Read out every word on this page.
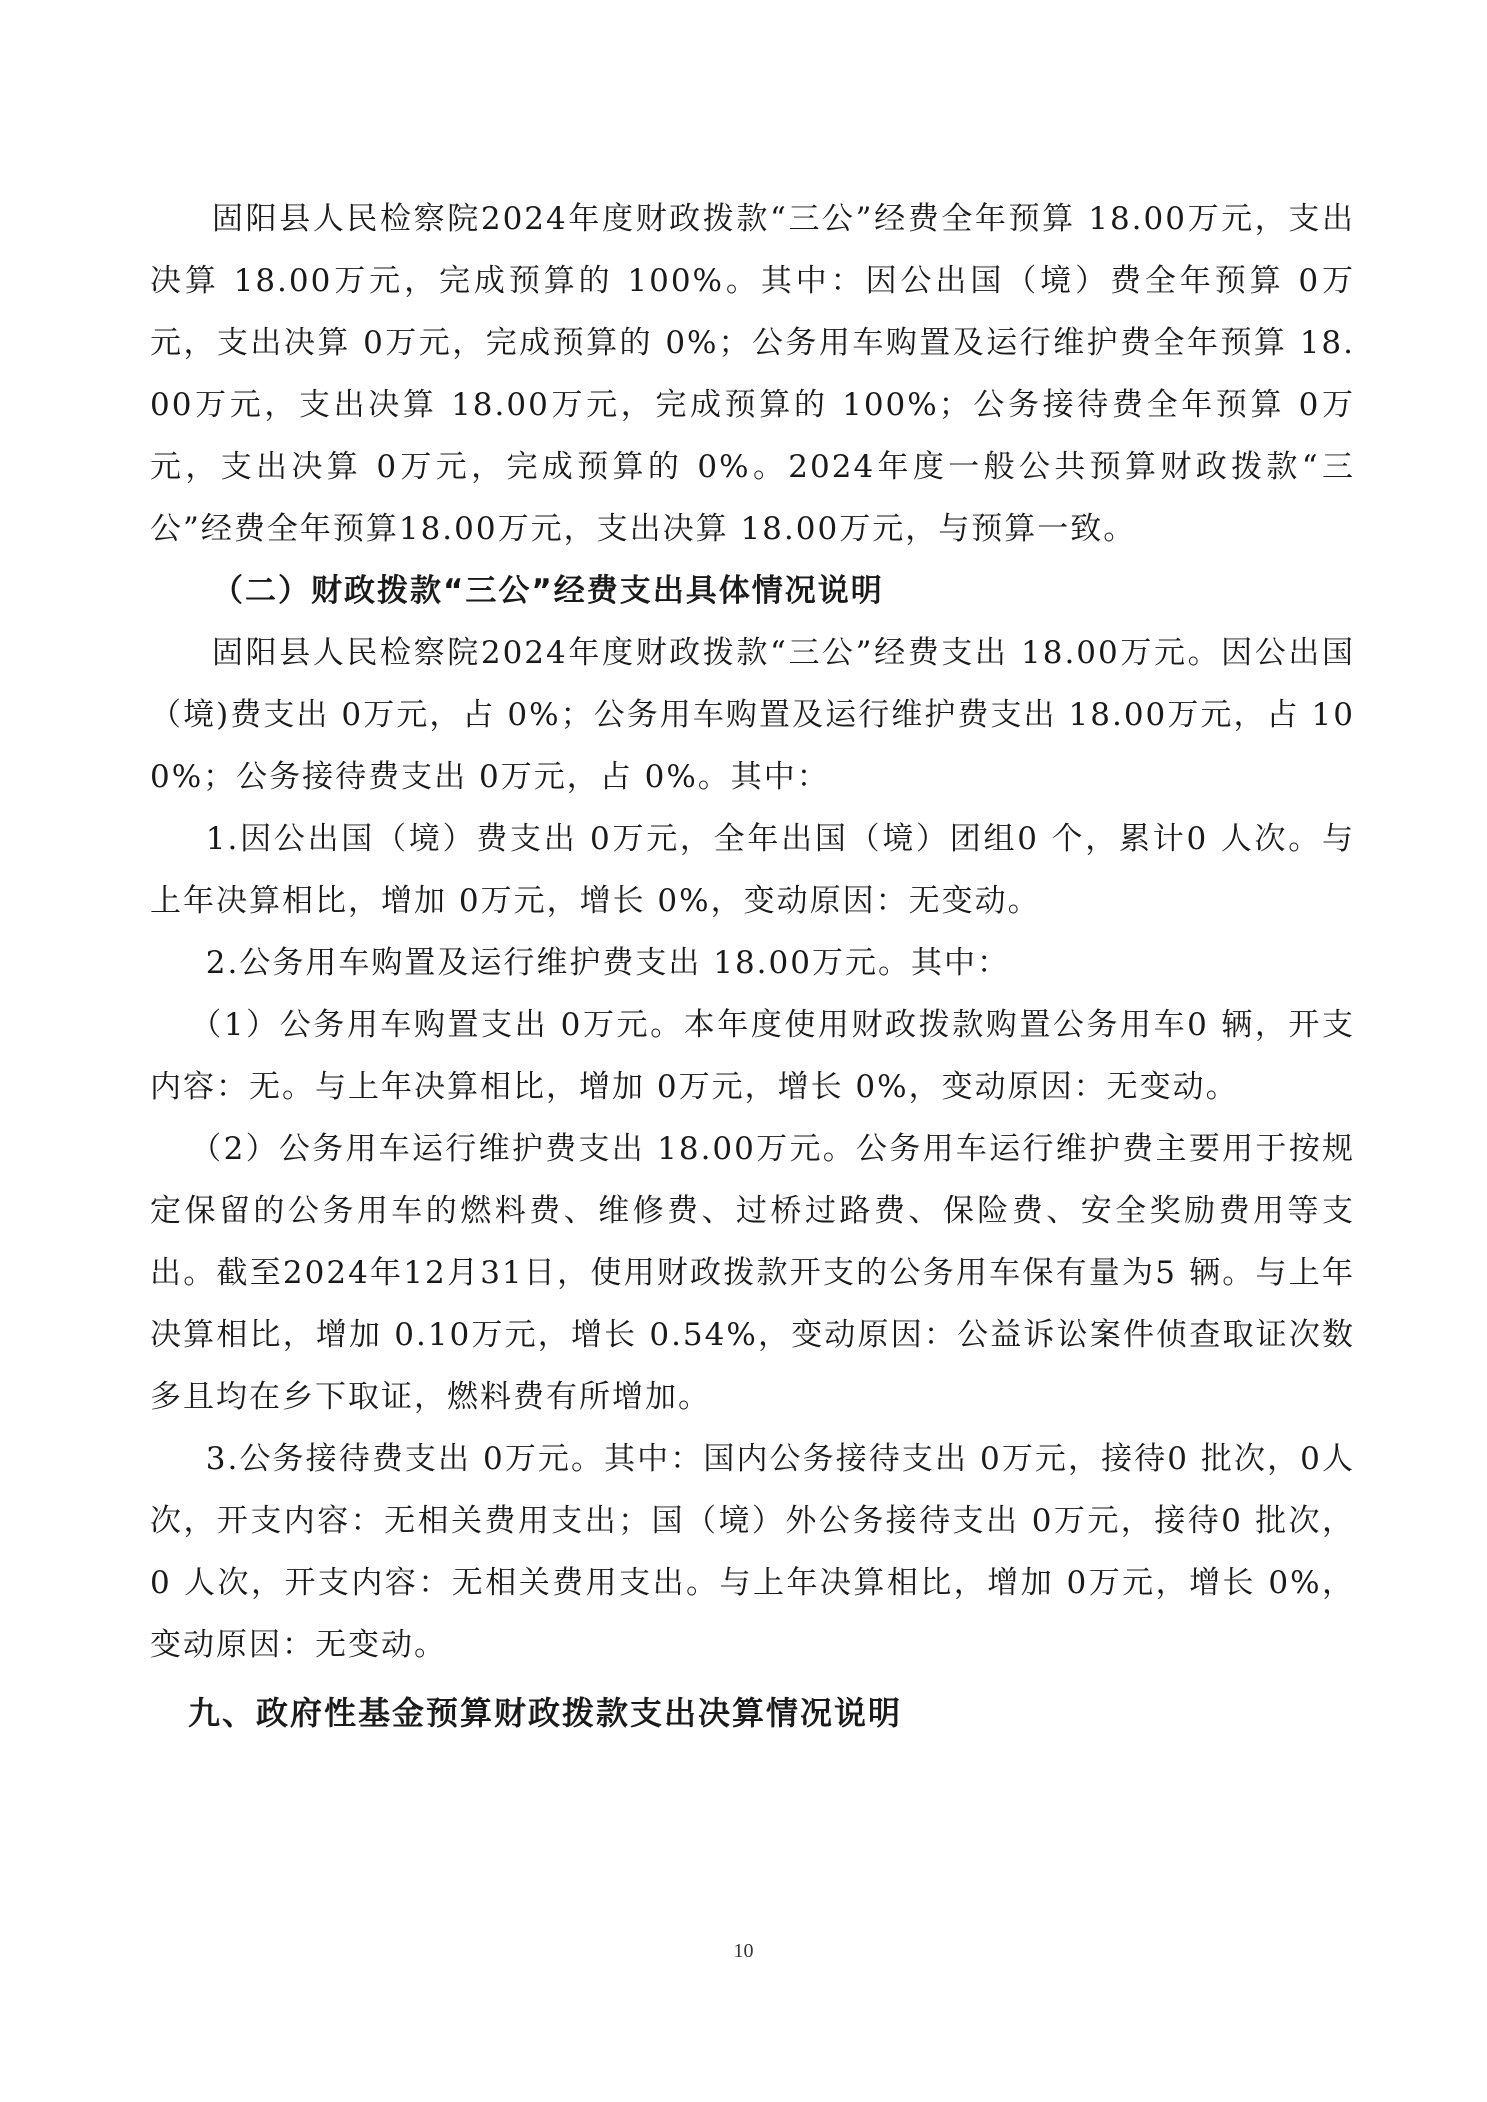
固阳县人民检察院2024年度财政拨款“三公”经费全年预算 18.00万元，支出决算 18.00万元，完成预算的 100%。其中：因公出国（境）费全年预算 0万元，支出决算 0万元，完成预算的 0%；公务用车购置及运行维护费全年预算 18.00万元，支出决算 18.00万元，完成预算的 100%；公务接待费全年预算 0万元，支出决算 0万元，完成预算的 0%。2024年度一般公共预算财政拨款“三公”经费全年预算18.00万元，支出决算 18.00万元，与预算一致。

（二）财政拨款“三公”经费支出具体情况说明

固阳县人民检察院2024年度财政拨款“三公”经费支出 18.00万元。因公出国（境)费支出 0万元，占 0%；公务用车购置及运行维护费支出 18.00万元，占 100%；公务接待费支出 0万元，占 0%。其中：

1.因公出国（境）费支出 0万元，全年出国（境）团组0 个，累计0 人次。与上年决算相比，增加 0万元，增长 0%，变动原因：无变动。

2.公务用车购置及运行维护费支出 18.00万元。其中：

（1）公务用车购置支出 0万元。本年度使用财政拨款购置公务用车0 辆，开支内容：无。与上年决算相比，增加 0万元，增长 0%，变动原因：无变动。

（2）公务用车运行维护费支出 18.00万元。公务用车运行维护费主要用于按规定保留的公务用车的燃料费、维修费、过桥过路费、保险费、安全奖励费用等支出。截至2024年12月31日，使用财政拨款开支的公务用车保有量为5 辆。与上年决算相比，增加 0.10万元，增长 0.54%，变动原因：公益诉讼案件侦查取证次数多且均在乡下取证，燃料费有所增加。

3.公务接待费支出 0万元。其中：国内公务接待支出 0万元，接待0 批次，0人次，开支内容：无相关费用支出；国（境）外公务接待支出 0万元，接待0 批次，0 人次，开支内容：无相关费用支出。与上年决算相比，增加 0万元，增长 0%，变动原因：无变动。

九、政府性基金预算财政拨款支出决算情况说明

10
